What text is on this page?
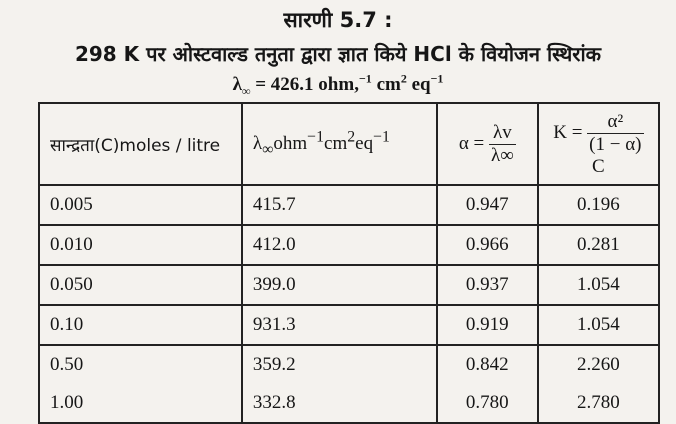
सारणी 5.7 :
298 K पर ओस्टवाल्ड तनुता द्वारा ज्ञात किये HCl के वियोजन स्थिरांक
$\lambda_\infty = 426.1$ ohm,$^{-1}$ $cm^2$ $eq^{-1}$
सान्द्रता(C)moles / litre	$\lambda_\infty ohm^{-1}cm^2eq^{-1}$	$\alpha = \frac{\lambda v}{\lambda\infty}$	$K = \frac{\text{α²}}{(1 - \alpha)}$
C
0.005	415.7	0.947	0.196
0.010	412.0	0.966	0.281
0.050	399.0	0.937	1.054
0.10	931.3	0.919	1.054
0.50	359.2	0.842	2.260
1.00	332.8	0.780	2.780
